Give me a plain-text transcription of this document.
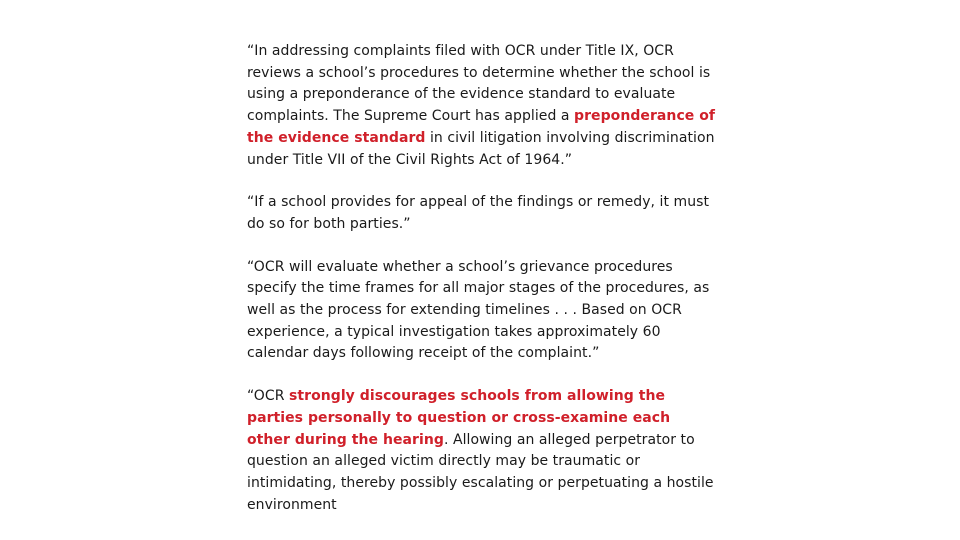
“In addressing complaints filed with OCR under Title IX, OCR reviews a school’s procedures to determine whether the school is using a preponderance of the evidence standard to evaluate complaints. The Supreme Court has applied a preponderance of the evidence standard in civil litigation involving discrimination under Title VII of the Civil Rights Act of 1964.”

“If a school provides for appeal of the findings or remedy, it must do so for both parties.”

“OCR will evaluate whether a school’s grievance procedures specify the time frames for all major stages of the procedures, as well as the process for extending timelines . . . Based on OCR experience, a typical investigation takes approximately 60 calendar days following receipt of the complaint.”

“OCR strongly discourages schools from allowing the parties personally to question or cross-examine each other during the hearing. Allowing an alleged perpetrator to question an alleged victim directly may be traumatic or intimidating, thereby possibly escalating or perpetuating a hostile environment
